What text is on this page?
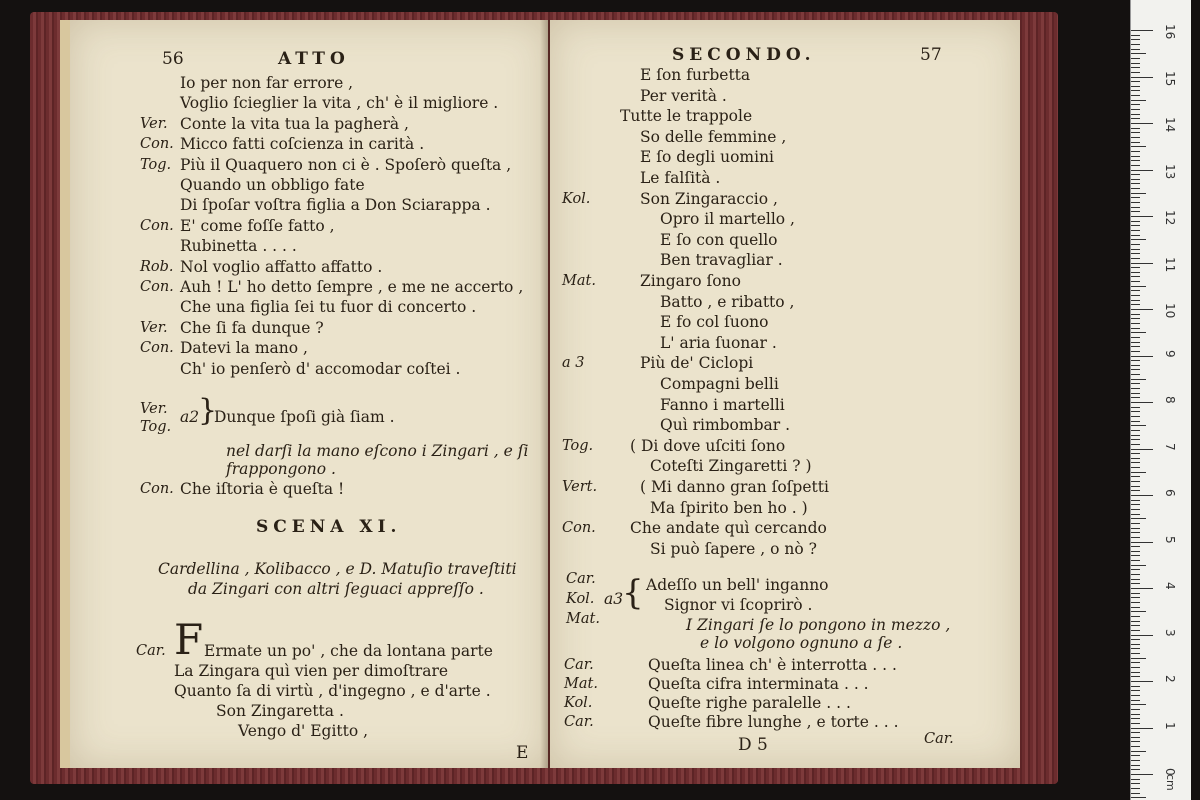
56	ATTO
Io per non far errore ,
Voglio ſcieglier la vita , ch' è il migliore .
Ver. Conte la vita tua la pagherà ,
Con. Micco fatti coſcienza in carità .
Tog. Più il Quaquero non ci è . Spoſerò queſta ,
Quando un obbligo fate
Di ſpoſar voſtra figlia a Don Sciarappa .
Con. E' come foſſe fatto ,
Rubinetta . . . .
Rob. Nol voglio affatto affatto .
Con. Auh ! L' ho detto ſempre , e me ne accerto ,
Che una figlia ſei tu fuor di concerto .
Ver. Che ſi fa dunque ?
Con. Datevi la mano ,
Ch' io penſerò d' accomodar coſtei .
Ver.
Tog.
a2
}
Dunque ſpoſi già ſiam .
nel darſi la mano eſcono i Zingari , e ſi
frappongono .
Con. Che iſtoria è queſta !
SCENA XI.
Cardellina , Kolibacco , e D. Matuſio traveſtiti
da Zingari con altri ſeguaci appreſſo .
Car. F Ermate un po' , che da lontana parte
La Zingara quì vien per dimoſtrare
Quanto ſa di virtù , d'ingegno , e d'arte .
Son Zingaretta .
Vengo d' Egitto ,
E
SECONDO.	57
E ſon furbetta
Per verità .
Tutte le trappole
So delle femmine ,
E ſo degli uomini
Le falſità .
Kol.	Son Zingaraccio ,
Opro il martello ,
E ſo con quello
Ben travagliar .
Mat.	Zingaro ſono
Batto , e ribatto ,
E fo col ſuono
L' aria ſuonar .
a 3	Più de' Ciclopi
Compagni belli
Fanno i martelli
Quì rimbombar .
Tog. ( Di dove uſciti ſono
Coteſti Zingaretti ? )
Vert.	( Mi danno gran ſoſpetti
Ma ſpirito ben ho . )
Con. Che andate quì cercando
Si può ſapere , o nò ?
Car.
Kol.
Mat.
a3
{ Adeſſo un bell' inganno
Signor vi ſcoprirò .
I Zingari ſe lo pongono in mezzo ,
e lo volgono ognuno a ſe .
Car.	Queſta linea ch' è interrotta . . .
Mat.	Queſta cifra interminata . . .
Kol.	Queſte righe paralelle . . .
Car.	Queſte fibre lunghe , e torte . . .
D 5	Car.
16
15
14
13
12
11
10
9
8
7
6
5
4
3
2
1
0
cm
